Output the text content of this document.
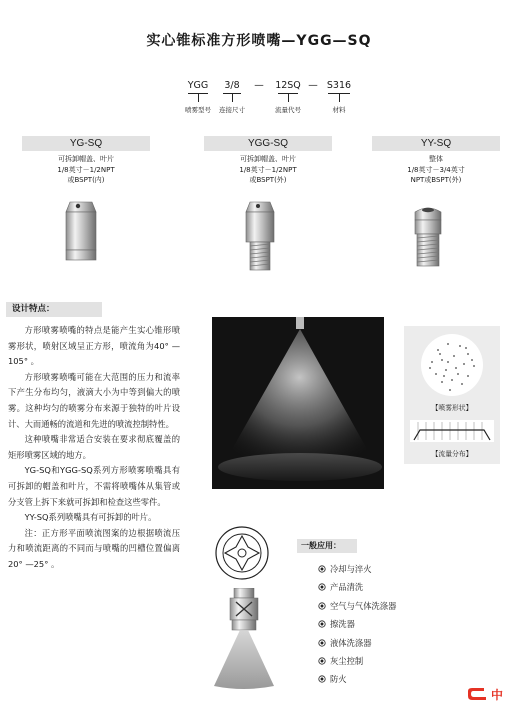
实心锥标准方形喷嘴—YGG—SQ
YGG	3/8	—	12SQ — S316
喷雾型号	连接尺寸	流量代号	材料
YG-SQ
可拆卸帽盖、叶片
1/8英寸－1/2NPT
或BSPT(内)
YGG-SQ
可拆卸帽盖、叶片
1/8英寸－1/2NPT
或BSPT(外)
YY-SQ
整体
1/8英寸－3/4英寸
NPT或BSPT(外)
设计特点：

方形喷雾喷嘴的特点是能产生实心锥形喷雾形状，喷射区域呈正方形，喷流角为40° —105° 。

方形喷雾喷嘴可能在大范围的压力和流率下产生分布均匀，液滴大小为中等到偏大的喷雾。这种均匀的喷雾分布来源于独特的叶片设计、大而通畅的流道和先进的喷流控制特性。

这种喷嘴非常适合安装在要求彻底覆盖的矩形喷雾区域的地方。

YG-SQ和YGG-SQ系列方形喷雾喷嘴具有可拆卸的帽盖和叶片，不需将喷嘴体从集管或分支管上拆下来就可拆卸和检查这些零件。

YY-SQ系列喷嘴具有可拆卸的叶片。

注：正方形平面喷流图案的边根据喷流压力和喷流距离的不同而与喷嘴的凹槽位置偏离20° —25° 。

【喷雾形状】
【流量分布】
一般应用：
冷却与淬火
产品清洗
空气与气体洗涤器
擦洗器
液体洗涤器
灰尘控制
防火
中
